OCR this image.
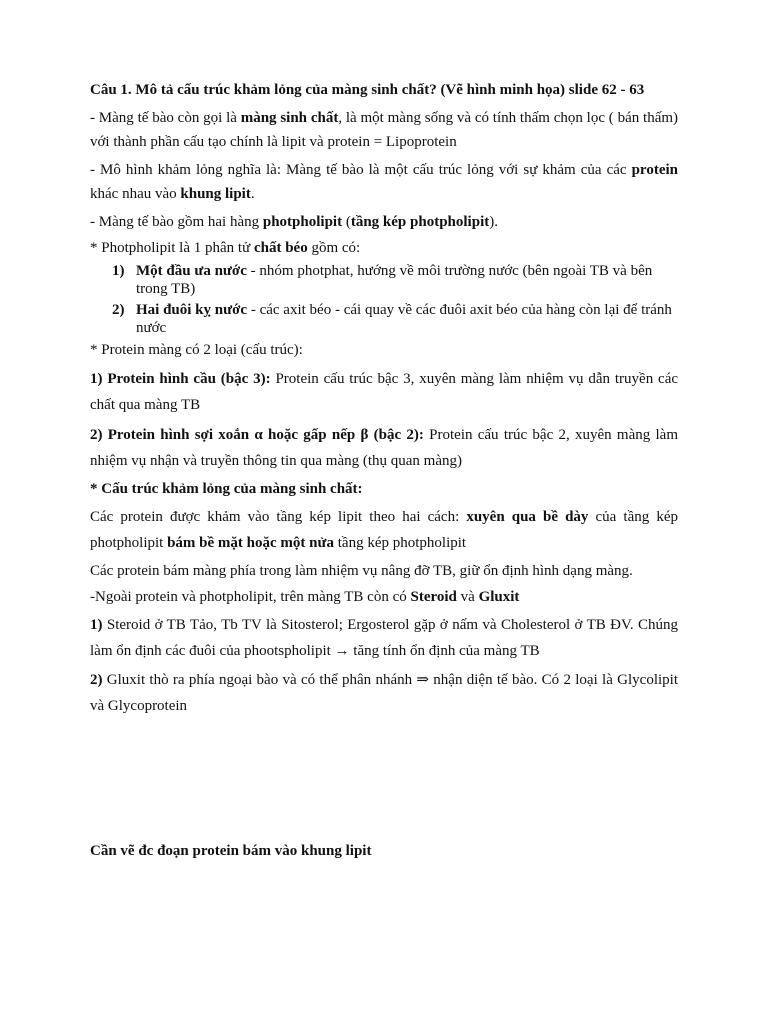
Câu 1. Mô tả cấu trúc khảm lỏng của màng sinh chất? (Vẽ hình minh họa) slide 62 - 63

- Màng tế bào còn gọi là màng sinh chất, là một màng sống và có tính thấm chọn lọc ( bán thấm) với thành phần cấu tạo chính là lipit và protein = Lipoprotein

- Mô hình khảm lỏng nghĩa là: Màng tế bào là một cấu trúc lỏng với sự khảm của các protein khác nhau vào khung lipit.

- Màng tế bào gồm hai hàng photpholipit (tầng kép photpholipit).

* Photpholipit là 1 phân tử chất béo gồm có:

1) Một đầu ưa nước - nhóm photphat, hướng về môi trường nước (bên ngoài TB và bên trong TB)
2) Hai đuôi kỵ nước - các axit béo - cái quay về các đuôi axit béo của hàng còn lại để tránh nước

* Protein màng có 2 loại (cấu trúc):

1) Protein hình cầu (bậc 3): Protein cấu trúc bậc 3, xuyên màng làm nhiệm vụ dẫn truyền các chất qua màng TB

2) Protein hình sợi xoắn α hoặc gấp nếp β (bậc 2): Protein cấu trúc bậc 2, xuyên màng làm nhiệm vụ nhận và truyền thông tin qua màng (thụ quan màng)

* Cấu trúc khảm lỏng của màng sinh chất:

Các protein được khảm vào tầng kép lipit theo hai cách: xuyên qua bề dày của tầng kép photpholipit bám bề mặt hoặc một nửa tầng kép photpholipit

Các protein bám màng phía trong làm nhiệm vụ nâng đỡ TB, giữ ổn định hình dạng màng.

-Ngoài protein và photpholipit, trên màng TB còn có Steroid và Gluxit

1) Steroid ở TB Tảo, Tb TV là Sitosterol; Ergosterol gặp ở nấm và Cholesterol ở TB ĐV. Chúng làm ổn định các đuôi của phootspholipit → tăng tính ổn định của màng TB

2) Gluxit thò ra phía ngoại bào và có thể phân nhánh ⇒ nhận diện tế bào. Có 2 loại là Glycolipit và Glycoprotein

Cần vẽ đc đoạn protein bám vào khung lipit
